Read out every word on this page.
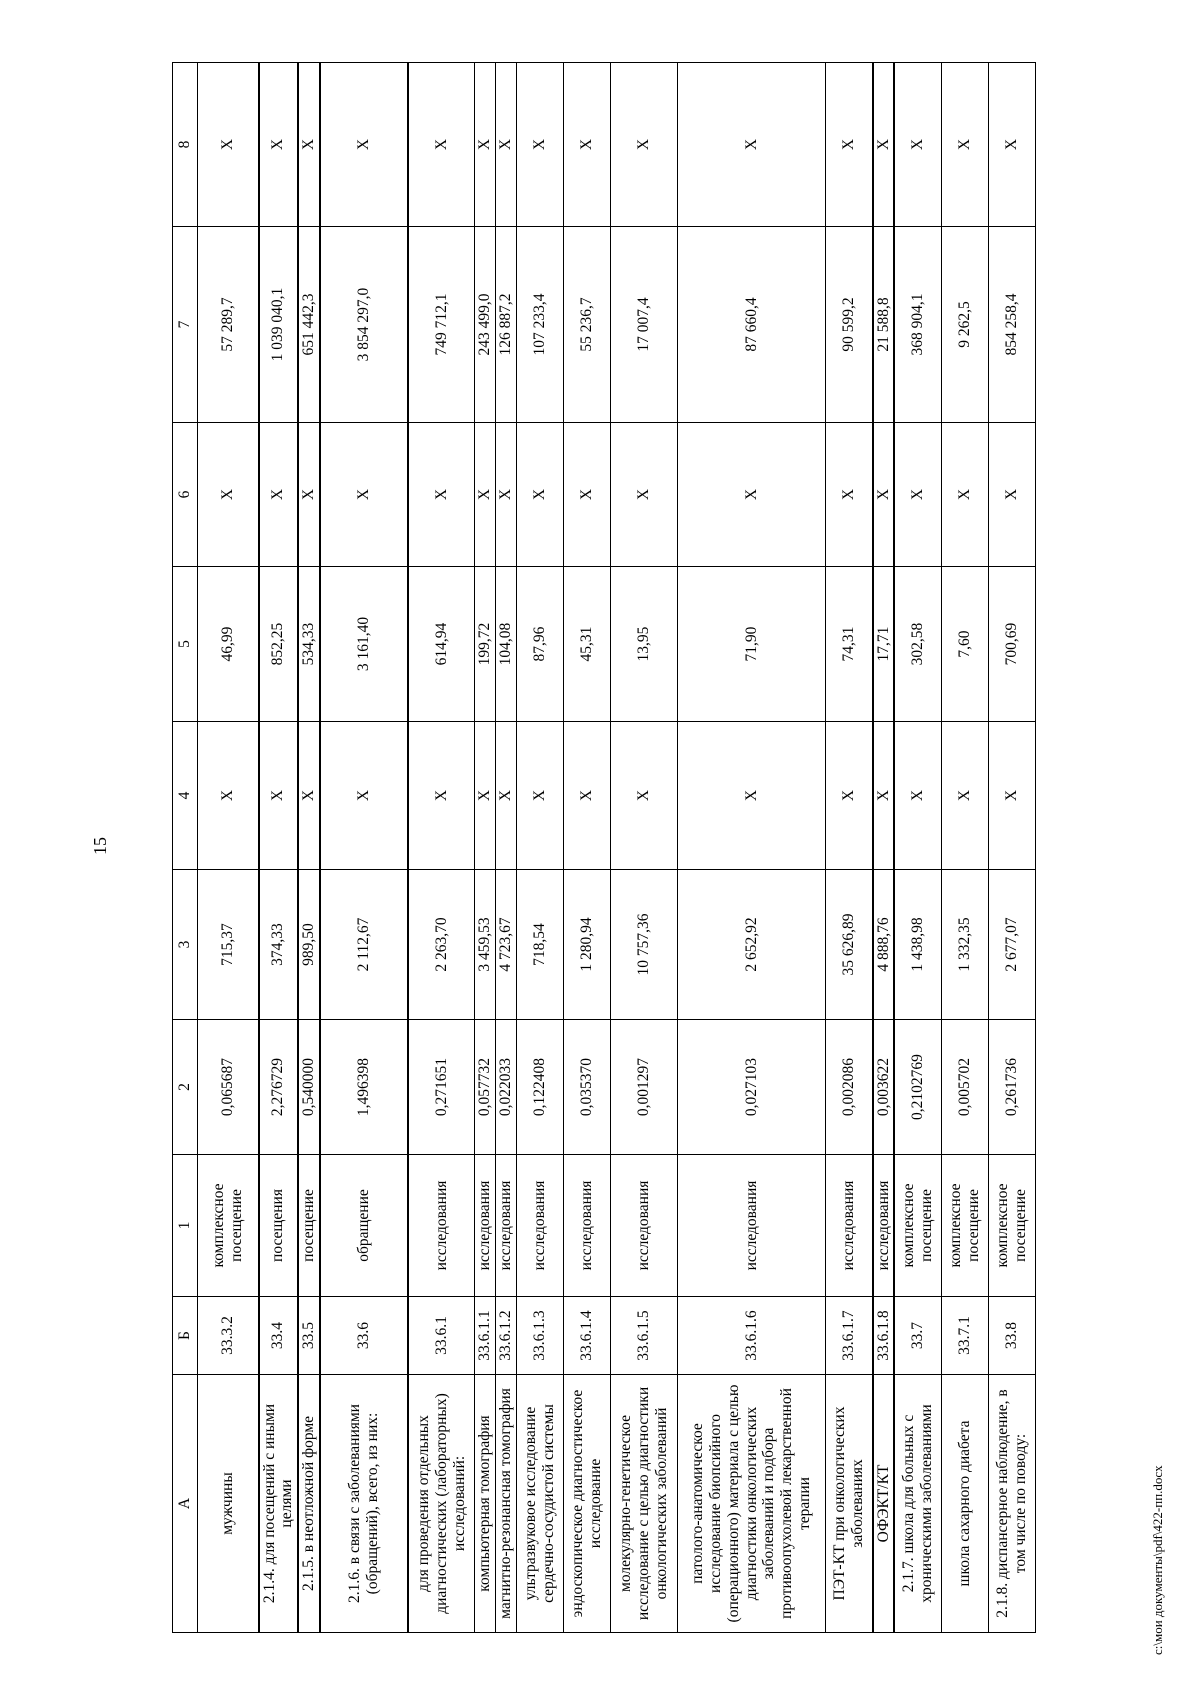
15
А	Б	1	2	3	4	5	6	7	8
мужчины	33.3.2	комплексное посещение	0,065687	715,37	X	46,99	X	57 289,7	X
2.1.4. для посещений с иными целями	33.4	посещения	2,276729	374,33	X	852,25	X	1 039 040,1	X
2.1.5. в неотложной форме	33.5	посещение	0,540000	989,50	X	534,33	X	651 442,3	X
2.1.6. в связи с заболеваниями (обращений), всего, из них:	33.6	обращение	1,496398	2 112,67	X	3 161,40	X	3 854 297,0	X
для проведения отдельных диагностических (лабораторных) исследований:	33.6.1	исследования	0,271651	2 263,70	X	614,94	X	749 712,1	X
компьютерная томография	33.6.1.1	исследования	0,057732	3 459,53	X	199,72	X	243 499,0	X
магнитно-резонансная томография	33.6.1.2	исследования	0,022033	4 723,67	X	104,08	X	126 887,2	X
ультразвуковое исследование сердечно-сосудистой системы	33.6.1.3	исследования	0,122408	718,54	X	87,96	X	107 233,4	X
эндоскопическое диагностическое исследование	33.6.1.4	исследования	0,035370	1 280,94	X	45,31	X	55 236,7	X
молекулярно-генетическое исследование с целью диагностики онкологических заболеваний	33.6.1.5	исследования	0,001297	10 757,36	X	13,95	X	17 007,4	X
патолого-анатомическое исследование биопсийного (операционного) материала с целью диагностики онкологических заболеваний и подбора противоопухолевой лекарственной терапии	33.6.1.6	исследования	0,027103	2 652,92	X	71,90	X	87 660,4	X
ПЭТ-КТ при онкологических заболеваниях	33.6.1.7	исследования	0,002086	35 626,89	X	74,31	X	90 599,2	X
ОФЭКТ/КТ	33.6.1.8	исследования	0,003622	4 888,76	X	17,71	X	21 588,8	X
2.1.7. школа для больных с хроническими заболеваниями	33.7	комплексное посещение	0,2102769	1 438,98	X	302,58	X	368 904,1	X
школа сахарного диабета	33.7.1	комплексное посещение	0,005702	1 332,35	X	7,60	X	9 262,5	X
2.1.8. диспансерное наблюдение, в том числе по поводу:	33.8	комплексное посещение	0,261736	2 677,07	X	700,69	X	854 258,4	X
c:\мои документы\pdf\422-пп.docx
